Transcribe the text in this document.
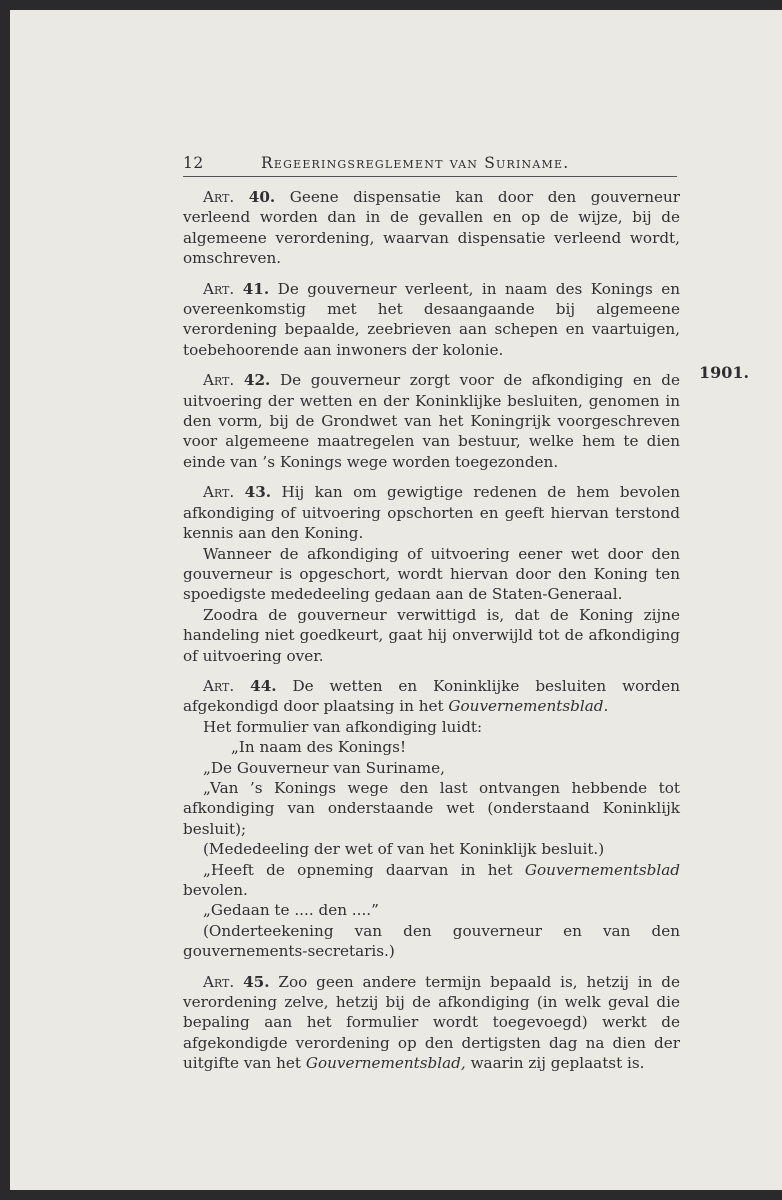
12	Regeeringsreglement van Suriname.
1901.

Art. 40. Geene dispensatie kan door den gouverneur verleend worden dan in de gevallen en op de wijze, bij de algemeene verordening, waarvan dispensatie verleend wordt, omschreven.

Art. 41. De gouverneur verleent, in naam des Konings en overeenkomstig met het desaangaande bij algemeene verordening bepaalde, zeebrieven aan schepen en vaartuigen, toebehoorende aan inwoners der kolonie.

Art. 42. De gouverneur zorgt voor de afkondiging en de uitvoering der wetten en der Koninklijke besluiten, genomen in den vorm, bij de Grondwet van het Koningrijk voorgeschreven voor algemeene maatregelen van bestuur, welke hem te dien einde van ’s Konings wege worden toegezonden.

Art. 43. Hij kan om gewigtige redenen de hem bevolen afkondiging of uitvoering opschorten en geeft hiervan terstond kennis aan den Koning.

Wanneer de afkondiging of uitvoering eener wet door den gouverneur is opgeschort, wordt hiervan door den Koning ten spoedigste mededeeling gedaan aan de Staten-Generaal.

Zoodra de gouverneur verwittigd is, dat de Koning zijne handeling niet goedkeurt, gaat hij onverwijld tot de afkondiging of uitvoering over.

Art. 44. De wetten en Koninklijke besluiten worden afgekondigd door plaatsing in het Gouvernementsblad.

Het formulier van afkondiging luidt:

„In naam des Konings!

„De Gouverneur van Suriname,

„Van ’s Konings wege den last ontvangen hebbende tot afkondiging van onderstaande wet (onderstaand Koninklijk besluit);

(Mededeeling der wet of van het Koninklijk besluit.)

„Heeft de opneming daarvan in het Gouvernementsblad bevolen.

„Gedaan te .... den ....”

(Onderteekening van den gouverneur en van den gouvernements-secretaris.)

Art. 45. Zoo geen andere termijn bepaald is, hetzij in de verordening zelve, hetzij bij de afkondiging (in welk geval die bepaling aan het formulier wordt toegevoegd) werkt de afgekondigde verordening op den dertigsten dag na dien der uitgifte van het Gouvernementsblad, waarin zij geplaatst is.
